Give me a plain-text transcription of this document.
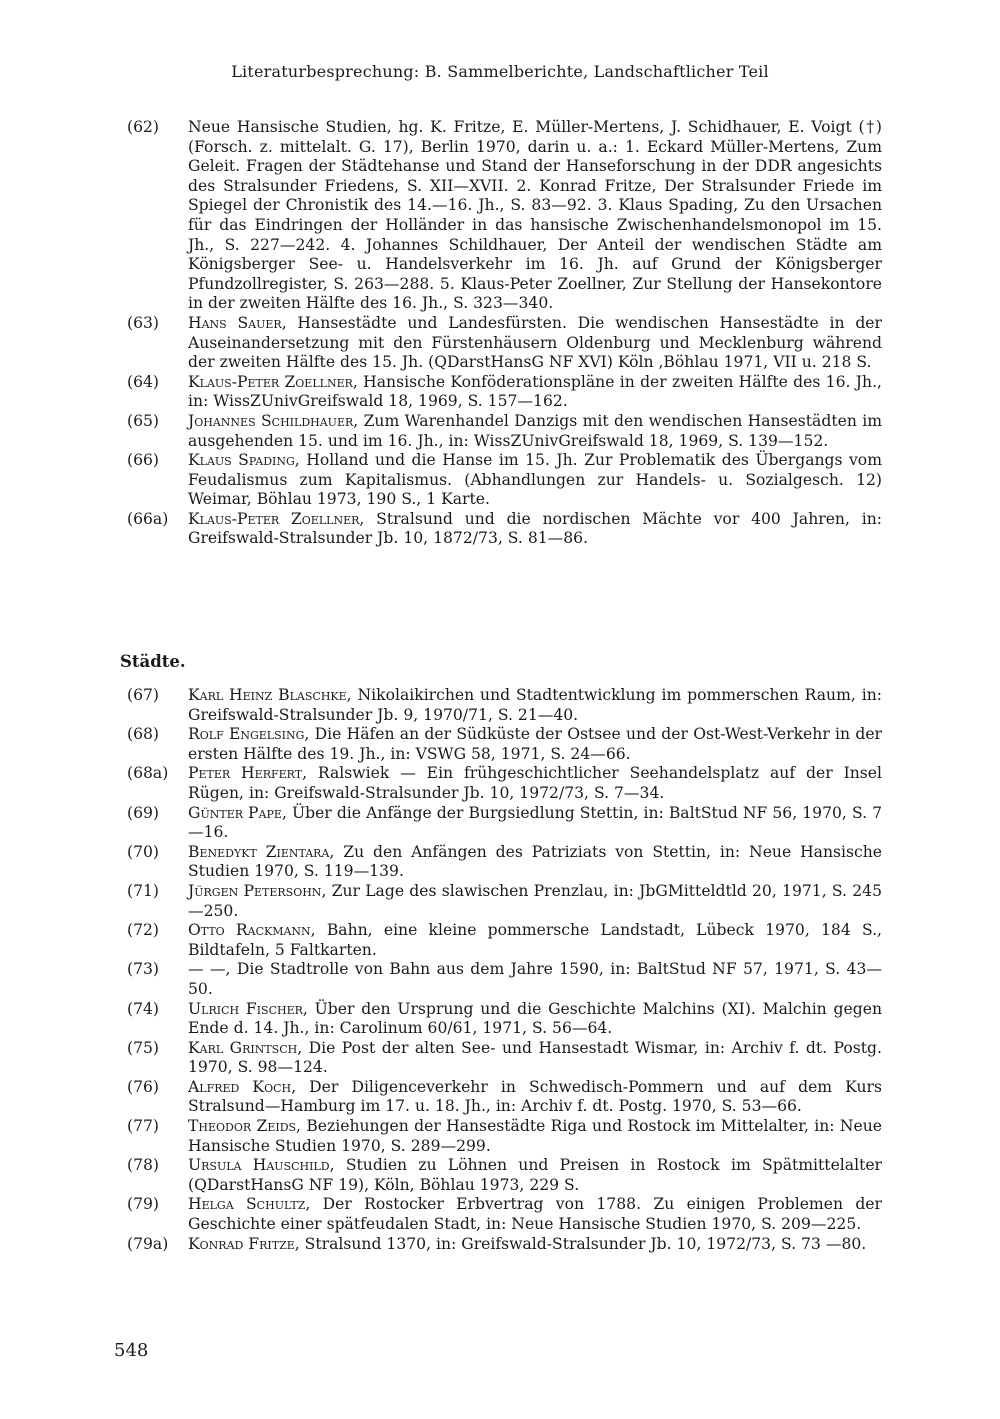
Literaturbesprechung: B. Sammelberichte, Landschaftlicher Teil
(62) Neue Hansische Studien, hg. K. Fritze, E. Müller-Mertens, J. Schidhauer, E. Voigt (†) (Forsch. z. mittelalt. G. 17), Berlin 1970, darin u. a.: 1. Eckard Müller-Mertens, Zum Geleit. Fragen der Städtehanse und Stand der Hanseforschung in der DDR angesichts des Stralsunder Friedens, S. XII—XVII. 2. Konrad Fritze, Der Stralsunder Friede im Spiegel der Chronistik des 14.—16. Jh., S. 83—92. 3. Klaus Spading, Zu den Ursachen für das Eindringen der Holländer in das hansische Zwischenhandelsmonopol im 15. Jh., S. 227—242. 4. Johannes Schildhauer, Der Anteil der wendischen Städte am Königsberger See- u. Handelsverkehr im 16. Jh. auf Grund der Königsberger Pfundzollregister, S. 263—288. 5. Klaus-Peter Zoellner, Zur Stellung der Hansekontore in der zweiten Hälfte des 16. Jh., S. 323—340.
(63) Hans Sauer, Hansestädte und Landesfürsten. Die wendischen Hansestädte in der Auseinandersetzung mit den Fürstenhäusern Oldenburg und Mecklenburg während der zweiten Hälfte des 15. Jh. (QDarstHansG NF XVI) Köln ,Böhlau 1971, VII u. 218 S.
(64) Klaus-Peter Zoellner, Hansische Konföderationspläne in der zweiten Hälfte des 16. Jh., in: WissZUnivGreifswald 18, 1969, S. 157—162.
(65) Johannes Schildhauer, Zum Warenhandel Danzigs mit den wendischen Hansestädten im ausgehenden 15. und im 16. Jh., in: WissZUnivGreifswald 18, 1969, S. 139—152.
(66) Klaus Spading, Holland und die Hanse im 15. Jh. Zur Problematik des Übergangs vom Feudalismus zum Kapitalismus. (Abhandlungen zur Handels- u. Sozialgesch. 12) Weimar, Böhlau 1973, 190 S., 1 Karte.
(66a) Klaus-Peter Zoellner, Stralsund und die nordischen Mächte vor 400 Jahren, in: Greifswald-Stralsunder Jb. 10, 1872/73, S. 81—86.
Städte.
(67) Karl Heinz Blaschke, Nikolaikirchen und Stadtentwicklung im pommerschen Raum, in: Greifswald-Stralsunder Jb. 9, 1970/71, S. 21—40.
(68) Rolf Engelsing, Die Häfen an der Südküste der Ostsee und der Ost-West-Verkehr in der ersten Hälfte des 19. Jh., in: VSWG 58, 1971, S. 24—66.
(68a) Peter Herfert, Ralswiek — Ein frühgeschichtlicher Seehandelsplatz auf der Insel Rügen, in: Greifswald-Stralsunder Jb. 10, 1972/73, S. 7—34.
(69) Günter Pape, Über die Anfänge der Burgsiedlung Stettin, in: BaltStud NF 56, 1970, S. 7—16.
(70) Benedykt Zientara, Zu den Anfängen des Patriziats von Stettin, in: Neue Hansische Studien 1970, S. 119—139.
(71) Jürgen Petersohn, Zur Lage des slawischen Prenzlau, in: JbGMitteldtld 20, 1971, S. 245—250.
(72) Otto Rackmann, Bahn, eine kleine pommersche Landstadt, Lübeck 1970, 184 S., Bildtafeln, 5 Faltkarten.
(73) — —, Die Stadtrolle von Bahn aus dem Jahre 1590, in: BaltStud NF 57, 1971, S. 43—50.
(74) Ulrich Fischer, Über den Ursprung und die Geschichte Malchins (XI). Malchin gegen Ende d. 14. Jh., in: Carolinum 60/61, 1971, S. 56—64.
(75) Karl Grintsch, Die Post der alten See- und Hansestadt Wismar, in: Archiv f. dt. Postg. 1970, S. 98—124.
(76) Alfred Koch, Der Diligenceverkehr in Schwedisch-Pommern und auf dem Kurs Stralsund—Hamburg im 17. u. 18. Jh., in: Archiv f. dt. Postg. 1970, S. 53—66.
(77) Theodor Zeids, Beziehungen der Hansestädte Riga und Rostock im Mittelalter, in: Neue Hansische Studien 1970, S. 289—299.
(78) Ursula Hauschild, Studien zu Löhnen und Preisen in Rostock im Spätmittelalter (QDarstHansG NF 19), Köln, Böhlau 1973, 229 S.
(79) Helga Schultz, Der Rostocker Erbvertrag von 1788. Zu einigen Problemen der Geschichte einer spätfeudalen Stadt, in: Neue Hansische Studien 1970, S. 209—225.
(79a) Konrad Fritze, Stralsund 1370, in: Greifswald-Stralsunder Jb. 10, 1972/73, S. 73 —80.
548
